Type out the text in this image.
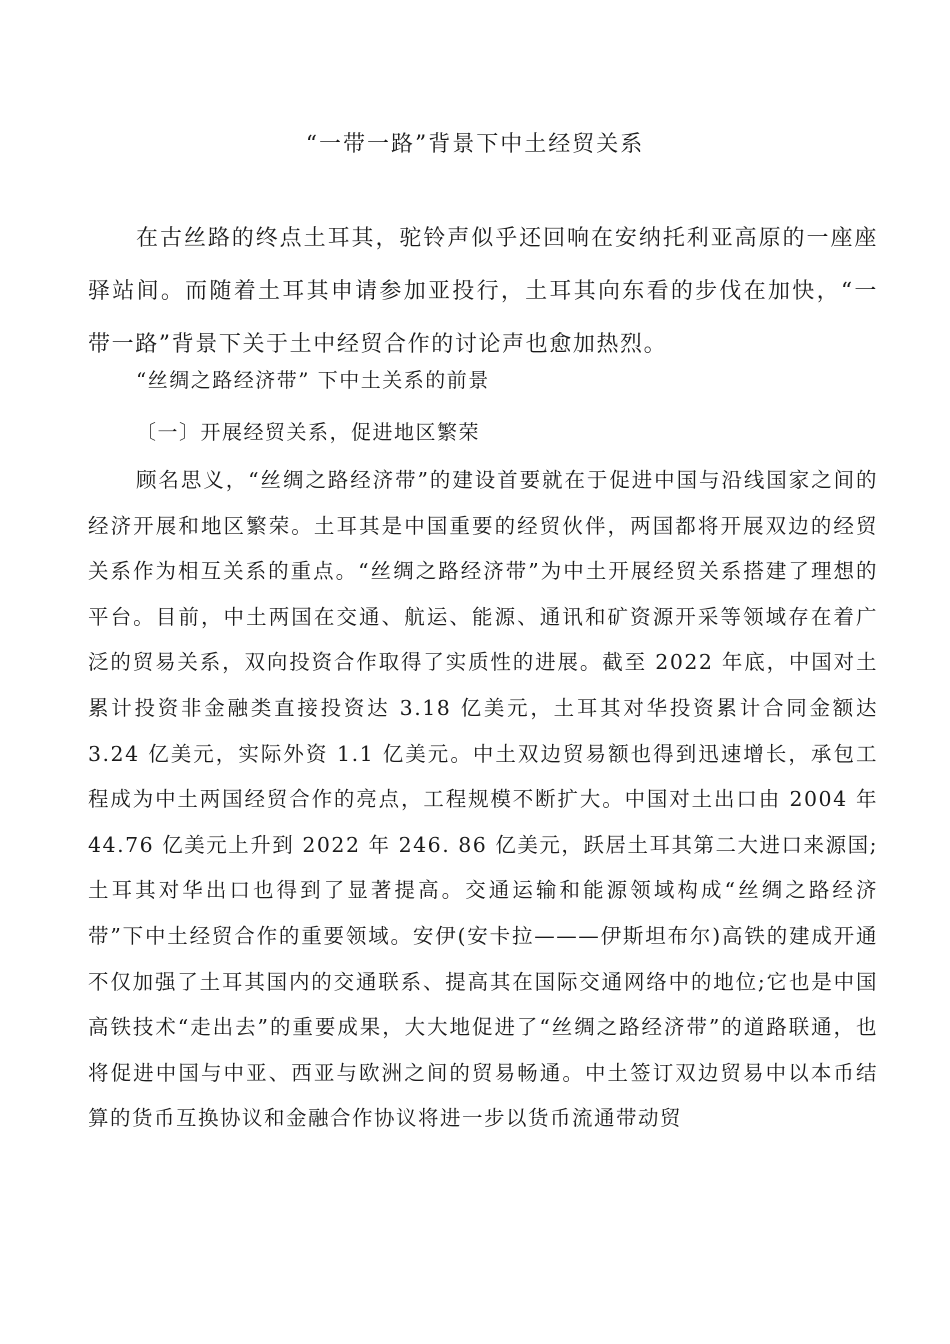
“一带一路”背景下中土经贸关系

在古丝路的终点土耳其，驼铃声似乎还回响在安纳托利亚高原的一座座驿站间。而随着土耳其申请参加亚投行，土耳其向东看的步伐在加快，“一带一路”背景下关于土中经贸合作的讨论声也愈加热烈。

“丝绸之路经济带” 下中土关系的前景

〔一〕开展经贸关系，促进地区繁荣

顾名思义，“丝绸之路经济带”的建设首要就在于促进中国与沿线国家之间的经济开展和地区繁荣。土耳其是中国重要的经贸伙伴，两国都将开展双边的经贸关系作为相互关系的重点。“丝绸之路经济带”为中土开展经贸关系搭建了理想的平台。目前，中土两国在交通、航运、能源、通讯和矿资源开采等领域存在着广泛的贸易关系，双向投资合作取得了实质性的进展。截至 2022 年底，中国对土累计投资非金融类直接投资达 3.18 亿美元，土耳其对华投资累计合同金额达 3.24 亿美元，实际外资 1.1 亿美元。中土双边贸易额也得到迅速增长，承包工程成为中土两国经贸合作的亮点，工程规模不断扩大。中国对土出口由 2004 年 44.76 亿美元上升到 2022 年 246. 86 亿美元，跃居土耳其第二大进口来源国;土耳其对华出口也得到了显著提高。交通运输和能源领域构成“丝绸之路经济带”下中土经贸合作的重要领域。安伊(安卡拉———伊斯坦布尔)高铁的建成开通不仅加强了土耳其国内的交通联系、提高其在国际交通网络中的地位;它也是中国高铁技术“走出去”的重要成果，大大地促进了“丝绸之路经济带”的道路联通，也将促进中国与中亚、西亚与欧洲之间的贸易畅通。中土签订双边贸易中以本币结算的货币互换协议和金融合作协议将进一步以货币流通带动贸
